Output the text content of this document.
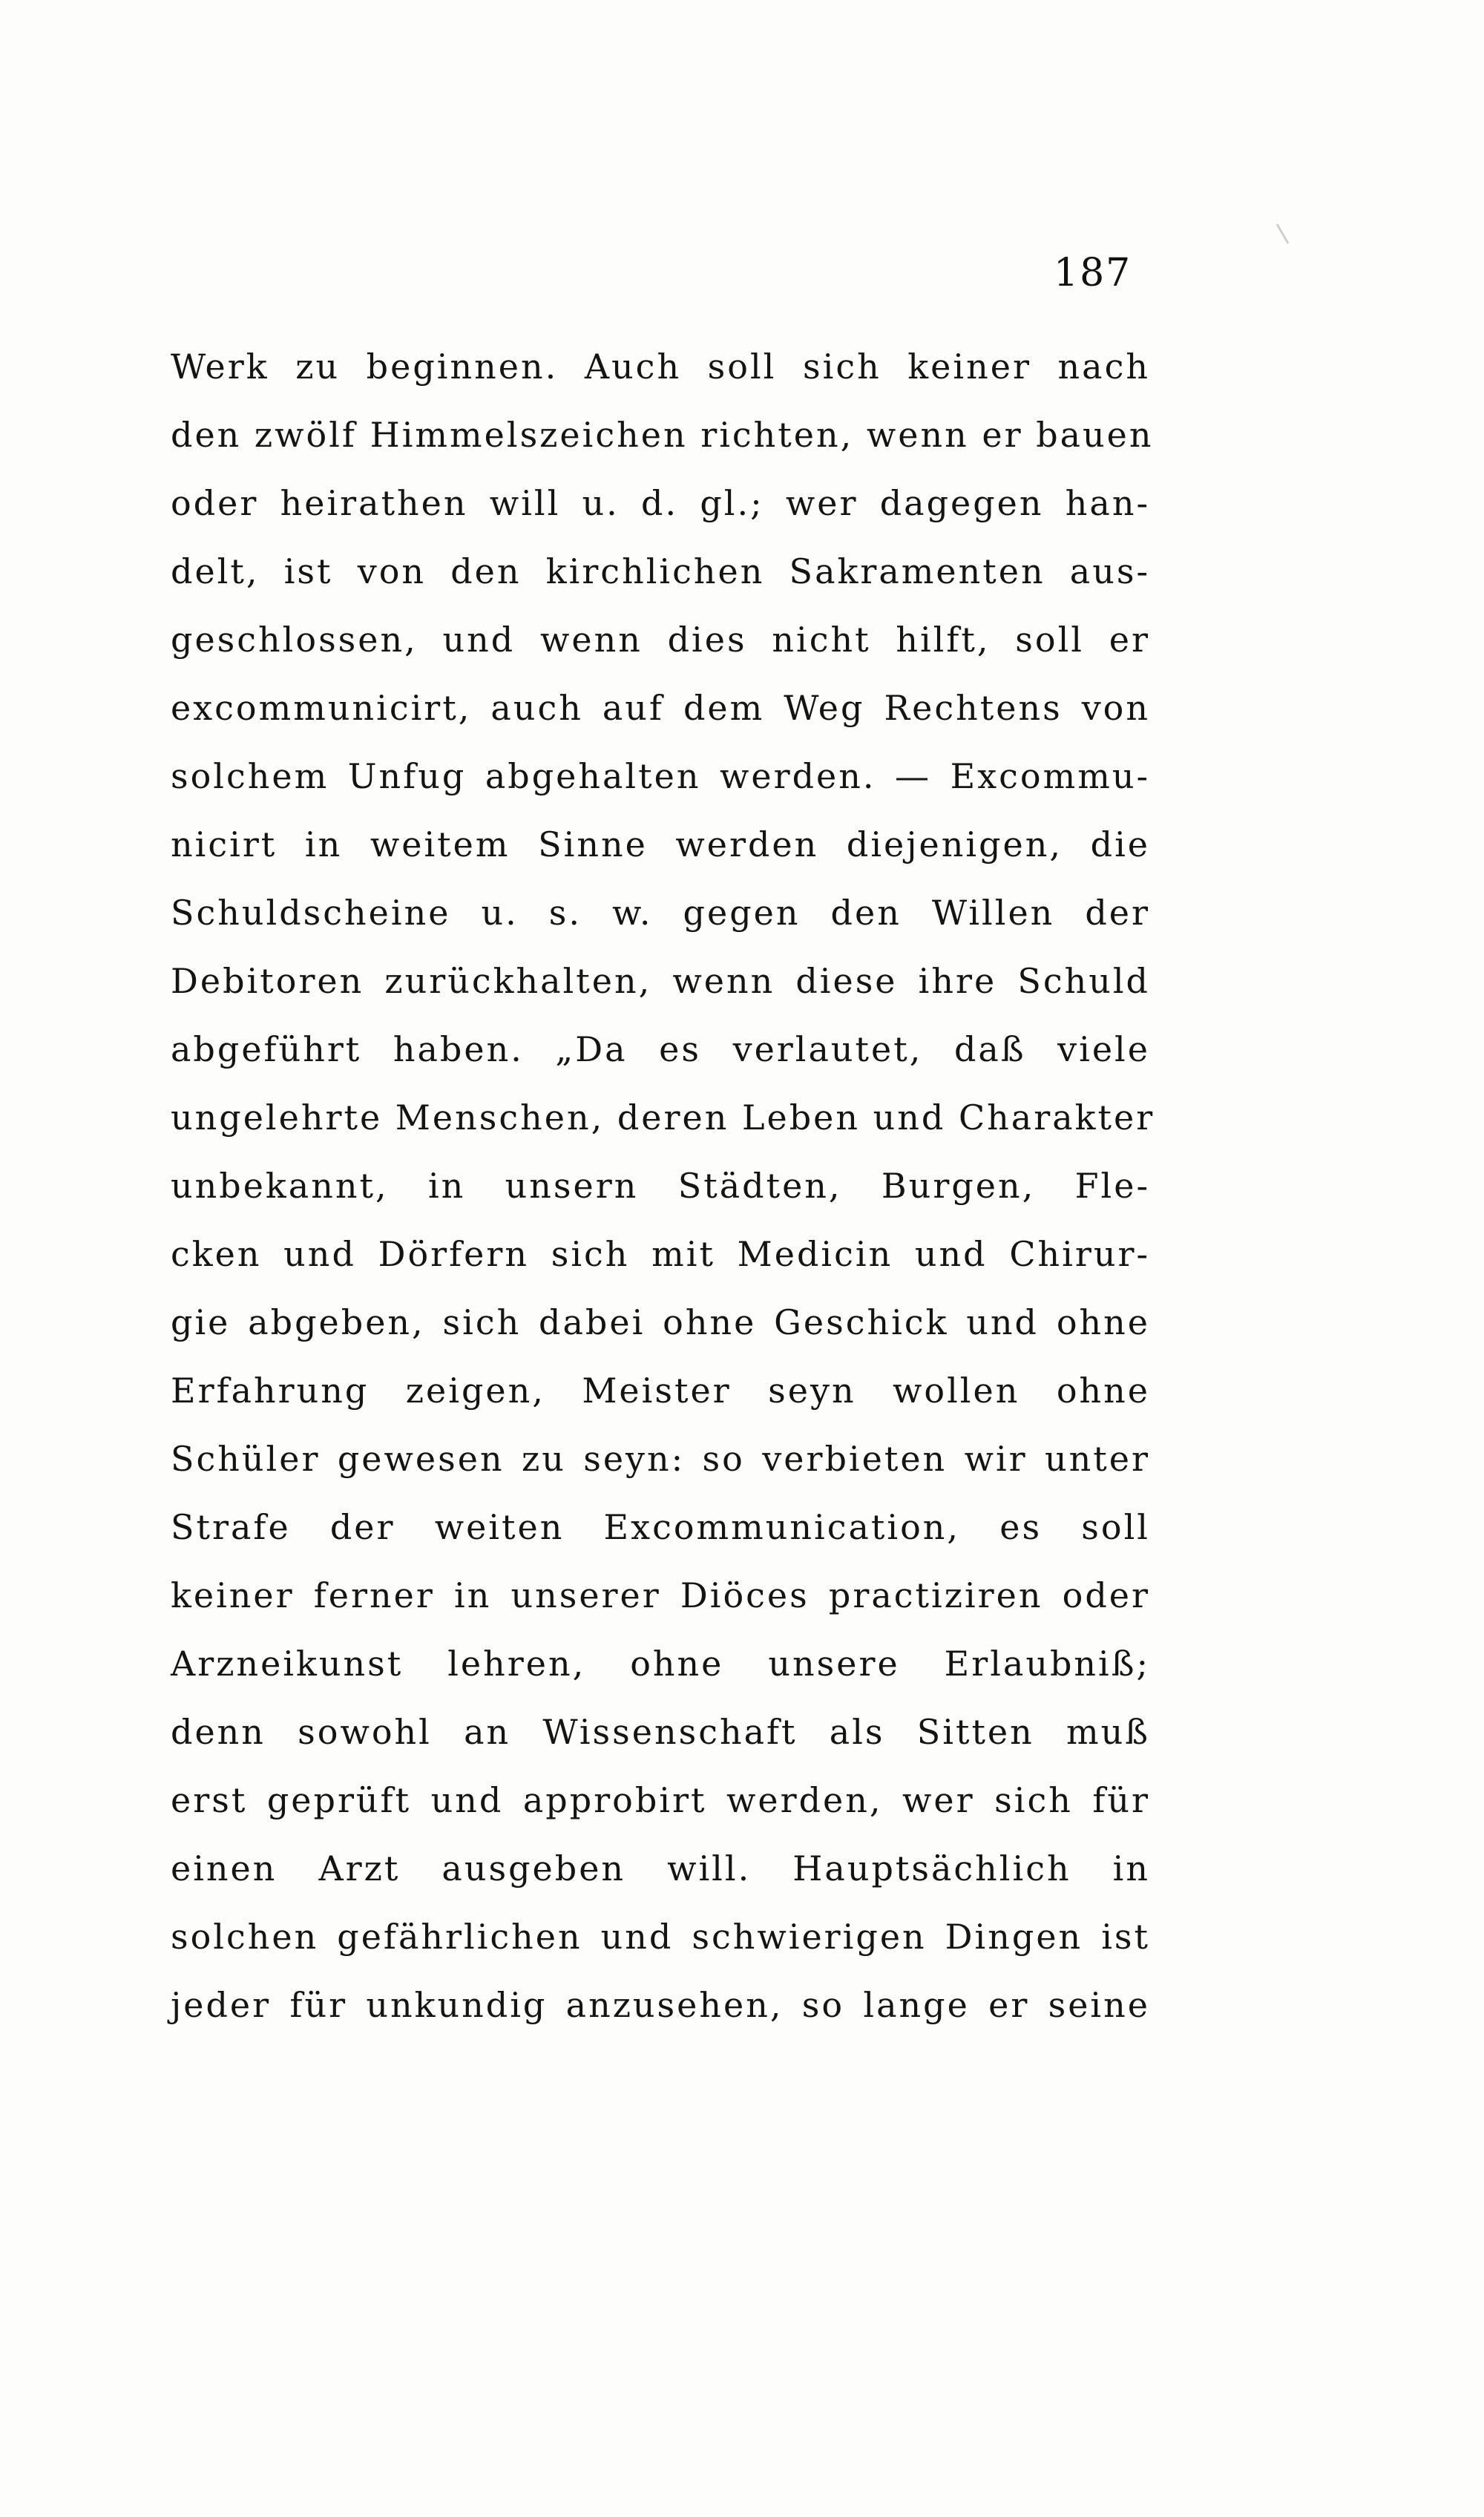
187
Werk zu beginnen. Auch soll sich keiner nach
den zwölf Himmelszeichen richten, wenn er bauen
oder heirathen will u. d. gl.; wer dagegen han-
delt, ist von den kirchlichen Sakramenten aus-
geschlossen, und wenn dies nicht hilft, soll er
excommunicirt, auch auf dem Weg Rechtens von
solchem Unfug abgehalten werden. — Excommu-
nicirt in weitem Sinne werden diejenigen, die
Schuldscheine u. s. w. gegen den Willen der
Debitoren zurückhalten, wenn diese ihre Schuld
abgeführt haben. „Da es verlautet, daß viele
ungelehrte Menschen, deren Leben und Charakter
unbekannt, in unsern Städten, Burgen, Fle-
cken und Dörfern sich mit Medicin und Chirur-
gie abgeben, sich dabei ohne Geschick und ohne
Erfahrung zeigen, Meister seyn wollen ohne
Schüler gewesen zu seyn: so verbieten wir unter
Strafe der weiten Excommunication, es soll
keiner ferner in unserer Diöces practiziren oder
Arzneikunst lehren, ohne unsere Erlaubniß;
denn sowohl an Wissenschaft als Sitten muß
erst geprüft und approbirt werden, wer sich für
einen Arzt ausgeben will. Hauptsächlich in
solchen gefährlichen und schwierigen Dingen ist
jeder für unkundig anzusehen, so lange er seine
